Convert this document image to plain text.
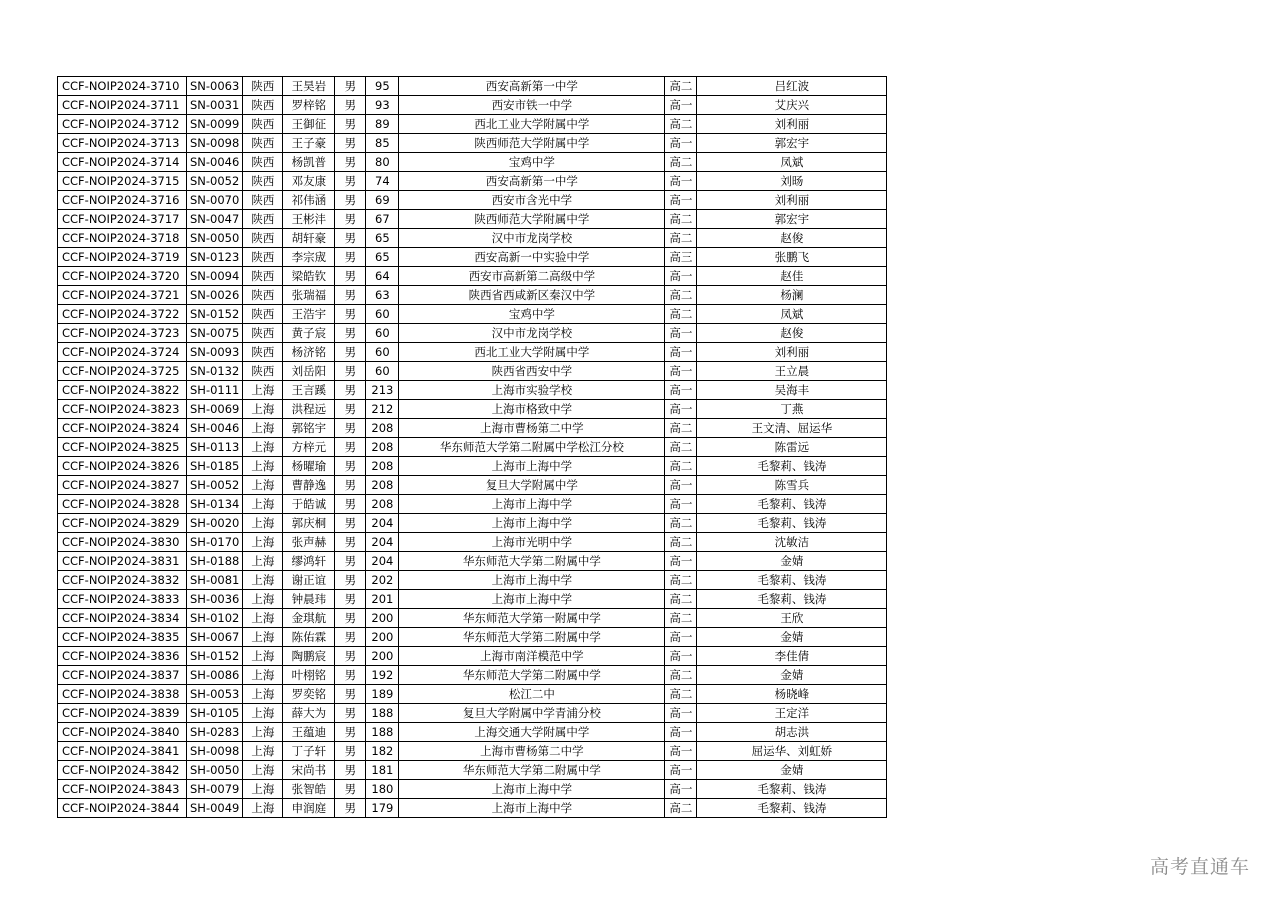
CCF-NOIP2024-3710	SN-0063	陕西	王昊岩	男	95	西安高新第一中学	高二	吕红波
CCF-NOIP2024-3711	SN-0031	陕西	罗梓铭	男	93	西安市铁一中学	高一	艾庆兴
CCF-NOIP2024-3712	SN-0099	陕西	王御征	男	89	西北工业大学附属中学	高二	刘利丽
CCF-NOIP2024-3713	SN-0098	陕西	王子豪	男	85	陕西师范大学附属中学	高一	郭宏宇
CCF-NOIP2024-3714	SN-0046	陕西	杨凯普	男	80	宝鸡中学	高二	凤斌
CCF-NOIP2024-3715	SN-0052	陕西	邓友康	男	74	西安高新第一中学	高一	刘旸
CCF-NOIP2024-3716	SN-0070	陕西	祁伟涵	男	69	西安市含光中学	高一	刘利丽
CCF-NOIP2024-3717	SN-0047	陕西	王彬沣	男	67	陕西师范大学附属中学	高二	郭宏宇
CCF-NOIP2024-3718	SN-0050	陕西	胡轩豪	男	65	汉中市龙岗学校	高二	赵俊
CCF-NOIP2024-3719	SN-0123	陕西	李宗宬	男	65	西安高新一中实验中学	高三	张鹏飞
CCF-NOIP2024-3720	SN-0094	陕西	梁皓钦	男	64	西安市高新第二高级中学	高一	赵佳
CCF-NOIP2024-3721	SN-0026	陕西	张瑞福	男	63	陕西省西咸新区秦汉中学	高二	杨澜
CCF-NOIP2024-3722	SN-0152	陕西	王浩宇	男	60	宝鸡中学	高二	凤斌
CCF-NOIP2024-3723	SN-0075	陕西	黄子宸	男	60	汉中市龙岗学校	高一	赵俊
CCF-NOIP2024-3724	SN-0093	陕西	杨济铭	男	60	西北工业大学附属中学	高一	刘利丽
CCF-NOIP2024-3725	SN-0132	陕西	刘岳阳	男	60	陕西省西安中学	高一	王立晨
CCF-NOIP2024-3822	SH-0111	上海	王言蹊	男	213	上海市实验学校	高一	吴海丰
CCF-NOIP2024-3823	SH-0069	上海	洪程远	男	212	上海市格致中学	高一	丁燕
CCF-NOIP2024-3824	SH-0046	上海	郭铭宇	男	208	上海市曹杨第二中学	高二	王文清、屈运华
CCF-NOIP2024-3825	SH-0113	上海	方梓元	男	208	华东师范大学第二附属中学松江分校	高二	陈雷远
CCF-NOIP2024-3826	SH-0185	上海	杨曜瑜	男	208	上海市上海中学	高二	毛黎莉、钱涛
CCF-NOIP2024-3827	SH-0052	上海	曹静逸	男	208	复旦大学附属中学	高一	陈雪兵
CCF-NOIP2024-3828	SH-0134	上海	于皓诚	男	208	上海市上海中学	高一	毛黎莉、钱涛
CCF-NOIP2024-3829	SH-0020	上海	郭庆桐	男	204	上海市上海中学	高二	毛黎莉、钱涛
CCF-NOIP2024-3830	SH-0170	上海	张声赫	男	204	上海市光明中学	高二	沈敏洁
CCF-NOIP2024-3831	SH-0188	上海	缪鸿轩	男	204	华东师范大学第二附属中学	高一	金婧
CCF-NOIP2024-3832	SH-0081	上海	谢正谊	男	202	上海市上海中学	高二	毛黎莉、钱涛
CCF-NOIP2024-3833	SH-0036	上海	钟晨玮	男	201	上海市上海中学	高二	毛黎莉、钱涛
CCF-NOIP2024-3834	SH-0102	上海	金琪航	男	200	华东师范大学第一附属中学	高二	王欣
CCF-NOIP2024-3835	SH-0067	上海	陈佑霖	男	200	华东师范大学第二附属中学	高一	金婧
CCF-NOIP2024-3836	SH-0152	上海	陶鹏宸	男	200	上海市南洋模范中学	高一	李佳倩
CCF-NOIP2024-3837	SH-0086	上海	叶栩铭	男	192	华东师范大学第二附属中学	高二	金婧
CCF-NOIP2024-3838	SH-0053	上海	罗奕铭	男	189	松江二中	高二	杨晓峰
CCF-NOIP2024-3839	SH-0105	上海	薛大为	男	188	复旦大学附属中学青浦分校	高一	王定洋
CCF-NOIP2024-3840	SH-0283	上海	王蕴迪	男	188	上海交通大学附属中学	高一	胡志洪
CCF-NOIP2024-3841	SH-0098	上海	丁子轩	男	182	上海市曹杨第二中学	高一	屈运华、刘虹娇
CCF-NOIP2024-3842	SH-0050	上海	宋尚书	男	181	华东师范大学第二附属中学	高一	金婧
CCF-NOIP2024-3843	SH-0079	上海	张智皓	男	180	上海市上海中学	高一	毛黎莉、钱涛
CCF-NOIP2024-3844	SH-0049	上海	申润庭	男	179	上海市上海中学	高二	毛黎莉、钱涛
高考直通车
